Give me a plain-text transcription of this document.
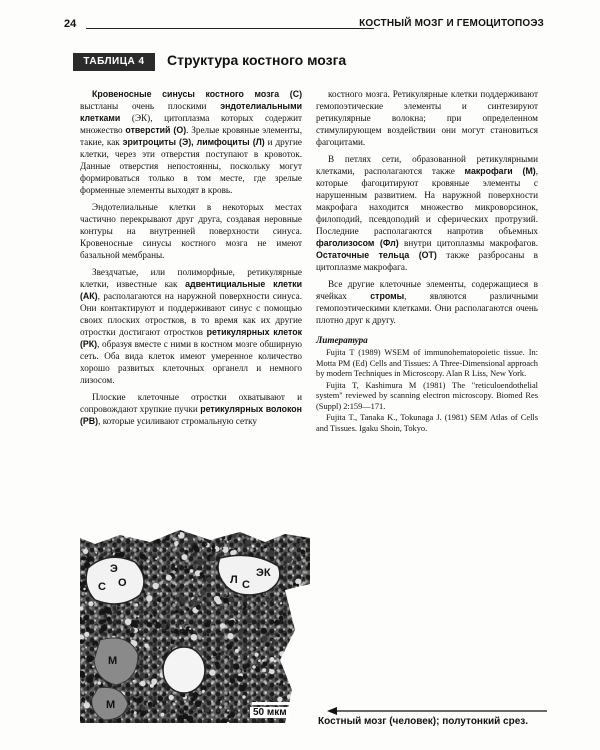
24	КОСТНЫЙ МОЗГ И ГЕМОЦИТОПОЭЗ
ТАБЛИЦА 4	Структура костного мозга

Кровеносные синусы костного мозга (С) выстланы очень плоскими эндотелиальными клетками (ЭК), цитоплазма которых содержит множество отверстий (О). Зрелые кровяные элементы, такие, как эритроциты (Э), лимфоциты (Л) и другие клетки, через эти отверстия поступают в кровоток. Данные отверстия непостоянны, поскольку могут формироваться только в том месте, где зрелые форменные элементы выходят в кровь.

Эндотелиальные клетки в некоторых местах частично перекрывают друг друга, создавая неровные контуры на внутренней поверхности синуса. Кровеносные синусы костного мозга не имеют базальной мембраны.

Звездчатые, или полиморфные, ретикулярные клетки, известные как адвентициальные клетки (АК), располагаются на наружной поверхности синуса. Они контактируют и поддерживают синус с помощью своих плоских отростков, в то время как их другие отростки достигают отростков ретикулярных клеток (РК), образуя вместе с ними в костном мозге обширную сеть. Оба вида клеток имеют умеренное количество хорошо развитых клеточных органелл и немного лизосом.

Плоские клеточные отростки охватывают и сопровождают хрупкие пучки ретикулярных волокон (РВ), которые усиливают стромальную сетку

костного мозга. Ретикулярные клетки поддерживают гемопоэтические элементы и синтезируют ретикулярные волокна; при определенном стимулирующем воздействии они могут становиться фагоцитами.

В петлях сети, образованной ретикулярными клетками, располагаются также макрофаги (М), которые фагоцитируют кровяные элементы с нарушенным развитием. На наружной поверхности макрофага находится множество микроворсинок, филоподий, псевдоподий и сферических протрузий. Последние располагаются напротив объемных фаголизосом (Фл) внутри цитоплазмы макрофагов. Остаточные тельца (ОТ) также разбросаны в цитоплазме макрофага.

Все другие клеточные элементы, содержащиеся в ячейках стромы, являются различными гемопоэтическими клетками. Они располагаются очень плотно друг к другу.

Литература
Fujita T (1989) WSEM of immunohematopoietic tissue. In: Motta PM (Ed) Cells and Tissues: A Three-Dimensional approach by modern Techniques in Microscopy. Alan R Liss, New York.
Fujita T, Kashimura M (1981) The "reticuloendothelial system" reviewed by scanning electron microscopy. Biomed Res (Suppl) 2:159—171.
Fujita T., Tanaka K., Tokunaga J. (1981) SEM Atlas of Cells and Tissues. Igaku Shoin, Tokyo.
Э
О
С
Л С
ЭК
М
М
50 мкм
Костный мозг (человек); полутонкий срез.
